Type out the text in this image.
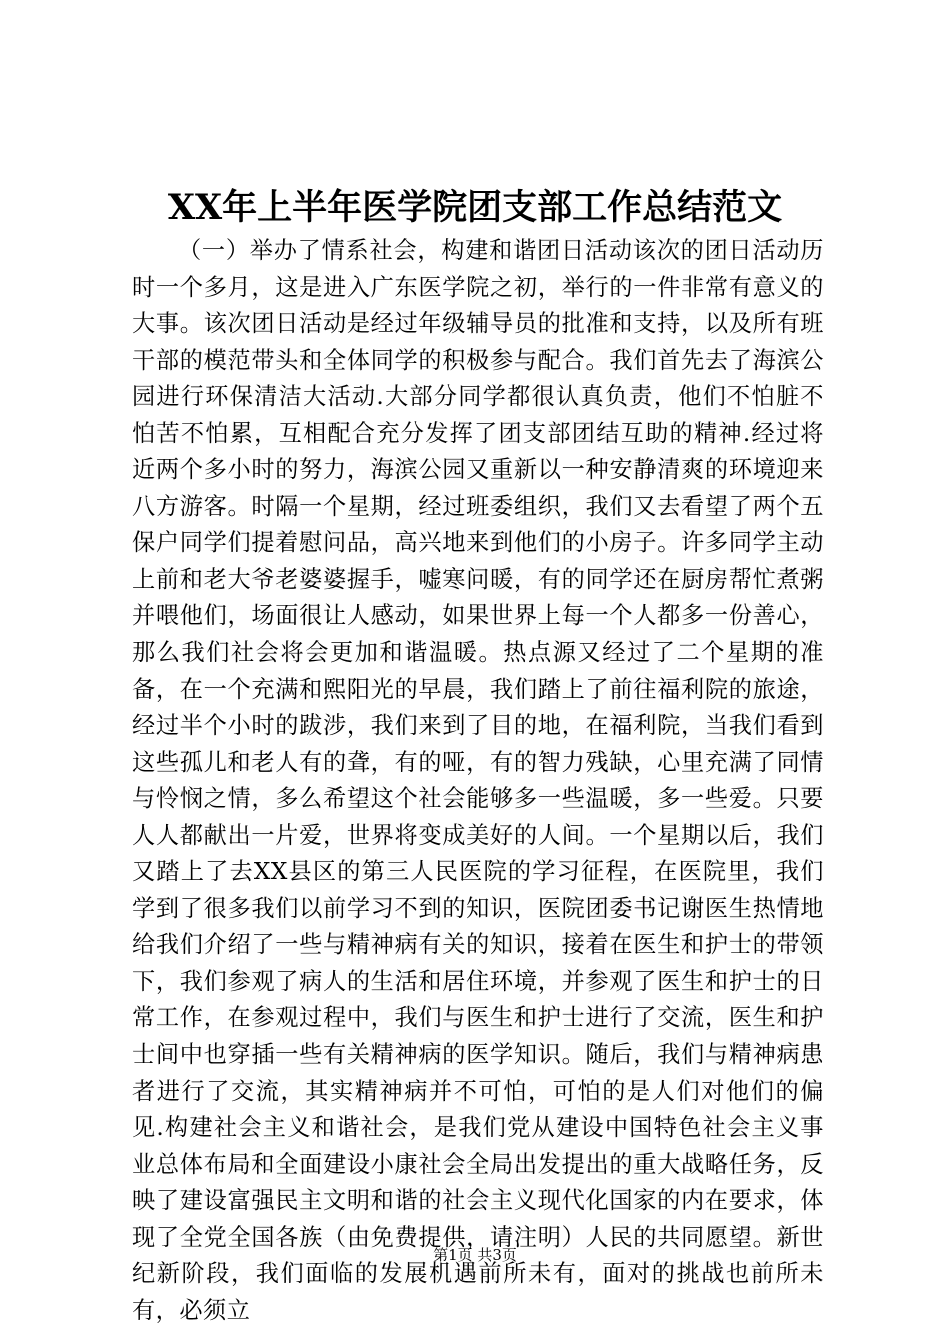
XX年上半年医学院团支部工作总结范文

（一）举办了情系社会，构建和谐团日活动该次的团日活动历时一个多月，这是进入广东医学院之初，举行的一件非常有意义的大事。该次团日活动是经过年级辅导员的批准和支持，以及所有班干部的模范带头和全体同学的积极参与配合。我们首先去了海滨公园进行环保清洁大活动.大部分同学都很认真负责，他们不怕脏不怕苦不怕累，互相配合充分发挥了团支部团结互助的精神.经过将近两个多小时的努力，海滨公园又重新以一种安静清爽的环境迎来八方游客。时隔一个星期，经过班委组织，我们又去看望了两个五保户同学们提着慰问品，高兴地来到他们的小房子。许多同学主动上前和老大爷老婆婆握手，嘘寒问暖，有的同学还在厨房帮忙煮粥并喂他们，场面很让人感动，如果世界上每一个人都多一份善心，那么我们社会将会更加和谐温暖。热点源又经过了二个星期的准备，在一个充满和熙阳光的早晨，我们踏上了前往福利院的旅途，经过半个小时的跋涉，我们来到了目的地，在福利院，当我们看到这些孤儿和老人有的聋，有的哑，有的智力残缺，心里充满了同情与怜悯之情，多么希望这个社会能够多一些温暖，多一些爱。只要人人都献出一片爱，世界将变成美好的人间。一个星期以后，我们又踏上了去XX县区的第三人民医院的学习征程，在医院里，我们学到了很多我们以前学习不到的知识，医院团委书记谢医生热情地给我们介绍了一些与精神病有关的知识，接着在医生和护士的带领下，我们参观了病人的生活和居住环境，并参观了医生和护士的日常工作，在参观过程中，我们与医生和护士进行了交流，医生和护士间中也穿插一些有关精神病的医学知识。随后，我们与精神病患者进行了交流，其实精神病并不可怕，可怕的是人们对他们的偏见.构建社会主义和谐社会，是我们党从建设中国特色社会主义事业总体布局和全面建设小康社会全局出发提出的重大战略任务，反映了建设富强民主文明和谐的社会主义现代化国家的内在要求，体现了全党全国各族（由免费提供，请注明）人民的共同愿望。新世纪新阶段，我们面临的发展机遇前所未有，面对的挑战也前所未有，必须立

第1页 共3页
